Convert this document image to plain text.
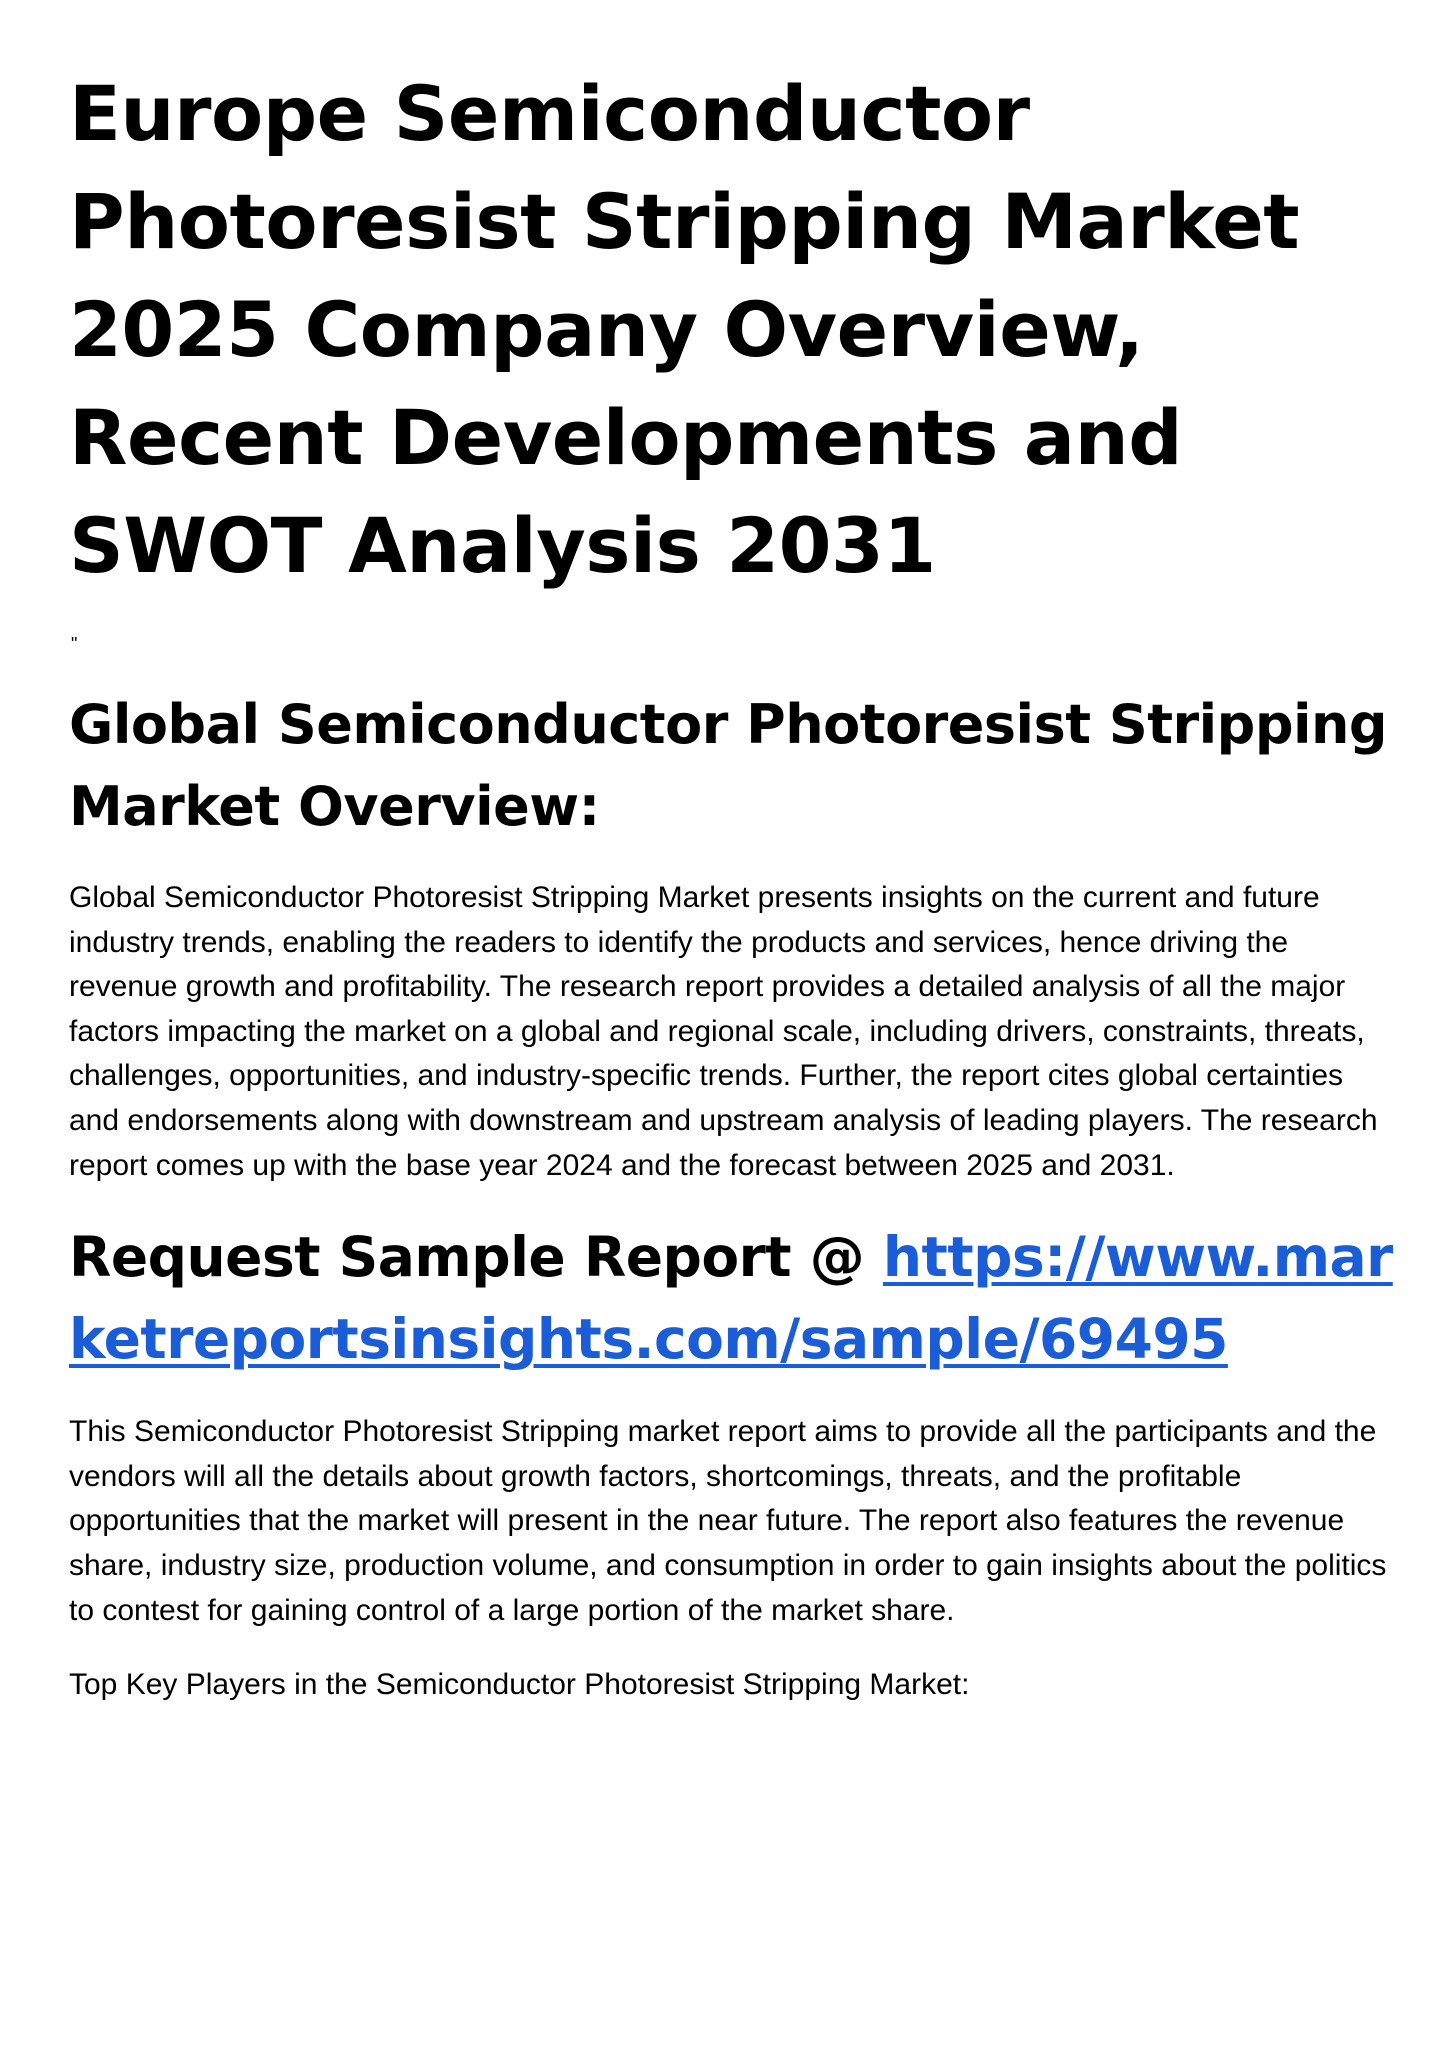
Europe Semiconductor Photoresist Stripping Market 2025 Company Overview, Recent Developments and SWOT Analysis 2031
"
Global Semiconductor Photoresist Stripping Market Overview:

Global Semiconductor Photoresist Stripping Market presents insights on the current and future industry trends, enabling the readers to identify the products and services, hence driving the revenue growth and profitability. The research report provides a detailed analysis of all the major factors impacting the market on a global and regional scale, including drivers, constraints, threats, challenges, opportunities, and industry-specific trends. Further, the report cites global certainties and endorsements along with downstream and upstream analysis of leading players. The research report comes up with the base year 2024 and the forecast between 2025 and 2031.

Request Sample Report @ https://www.marketreportsinsights.com/sample/69495

This Semiconductor Photoresist Stripping market report aims to provide all the participants and the vendors will all the details about growth factors, shortcomings, threats, and the profitable opportunities that the market will present in the near future. The report also features the revenue share, industry size, production volume, and consumption in order to gain insights about the politics to contest for gaining control of a large portion of the market share.

Top Key Players in the Semiconductor Photoresist Stripping Market:
